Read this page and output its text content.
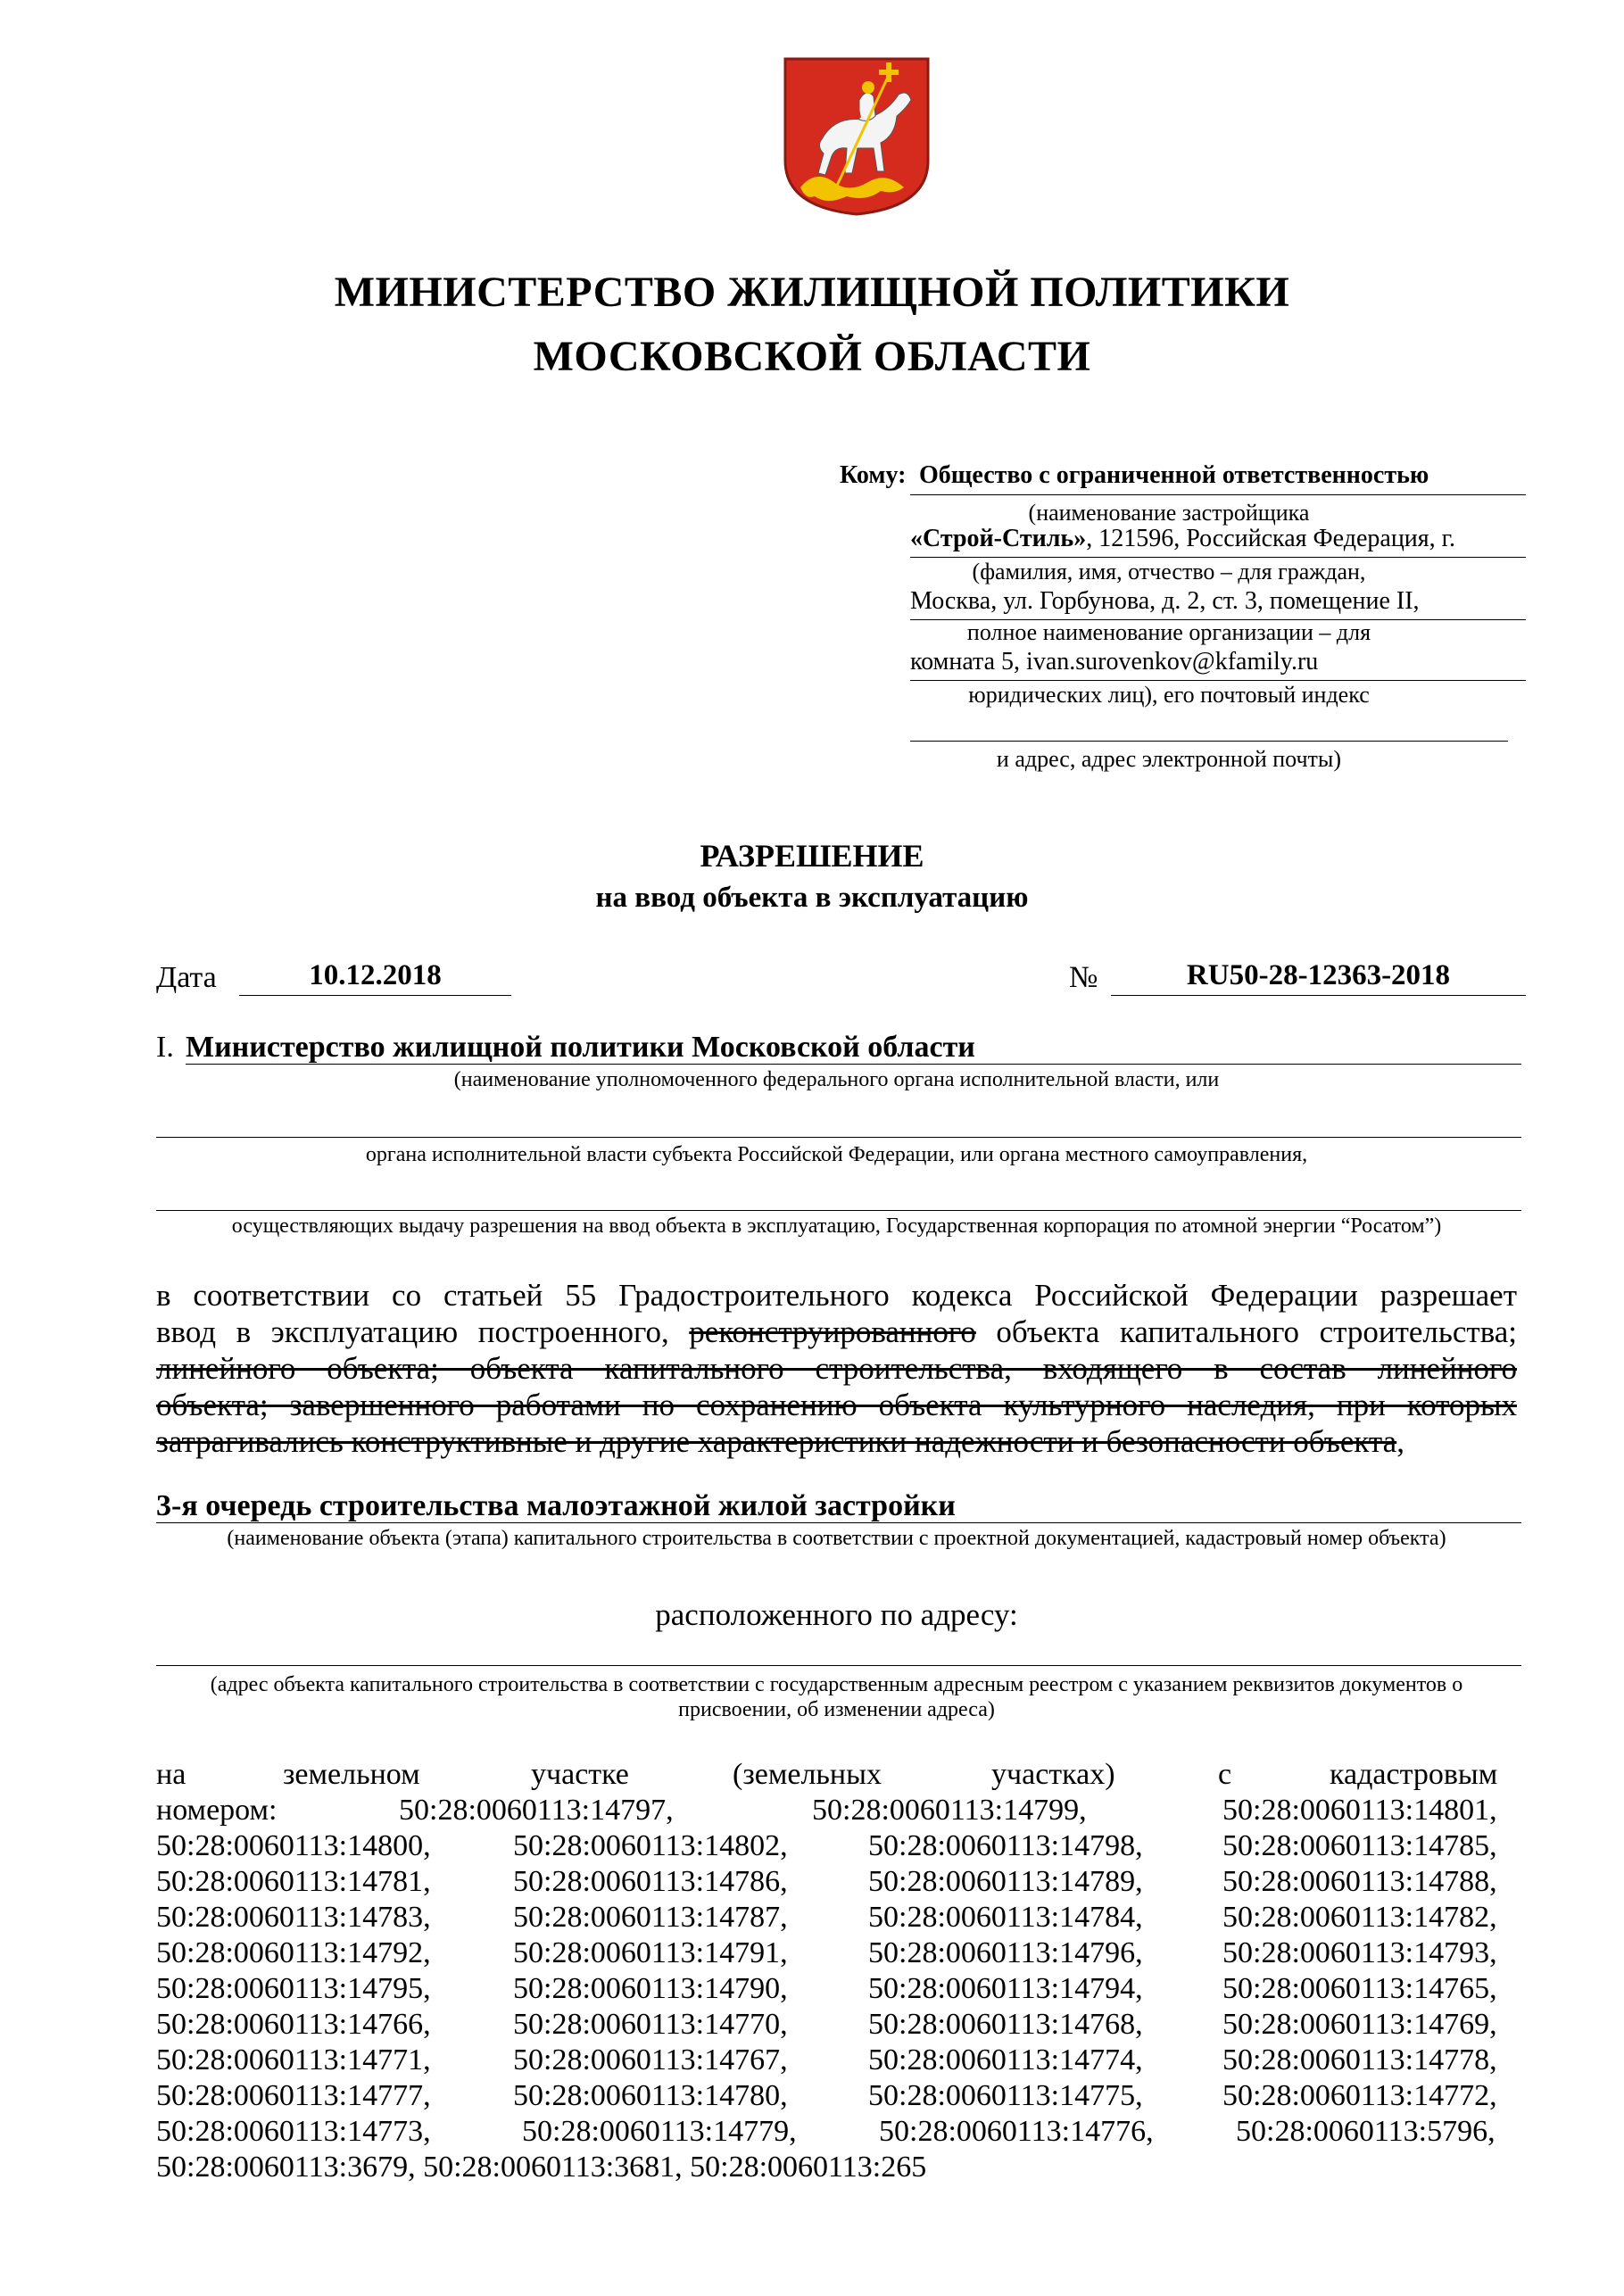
МИНИСТЕРСТВО ЖИЛИЩНОЙ ПОЛИТИКИ
МОСКОВСКОЙ ОБЛАСТИ
Кому: Общество с ограниченной ответственностью
(наименование застройщика
«Строй-Стиль», 121596, Российская Федерация, г.
(фамилия, имя, отчество – для граждан,
Москва, ул. Горбунова, д. 2, ст. 3, помещение II,
полное наименование организации – для
комната 5, ivan.surovenkov@kfamily.ru
юридических лиц), его почтовый индекс
и адрес, адрес электронной почты)
РАЗРЕШЕНИЕ
на ввод объекта в эксплуатацию
Дата	10.12.2018	№	RU50-28-12363-2018
I. Министерство жилищной политики Московской области
(наименование уполномоченного федерального органа исполнительной власти, или
органа исполнительной власти субъекта Российской Федерации, или органа местного самоуправления,
осуществляющих выдачу разрешения на ввод объекта в эксплуатацию, Государственная корпорация по атомной энергии “Росатом”)
в соответствии со статьей 55 Градостроительного кодекса Российской Федерации разрешает
ввод в эксплуатацию построенного, реконструированного объекта капитального строительства;
линейного объекта; объекта капитального строительства, входящего в состав линейного
объекта; завершенного работами по сохранению объекта культурного наследия, при которых
затрагивались конструктивные и другие характеристики надежности и безопасности объекта,
3-я очередь строительства малоэтажной жилой застройки
(наименование объекта (этапа) капитального строительства в соответствии с проектной документацией, кадастровый номер объекта)
расположенного по адресу:
(адрес объекта капитального строительства в соответствии с государственным адресным реестром с указанием реквизитов документов о
присвоении, об изменении адреса)
на	земельном	участке	(земельных	участках)	с	кадастровым
номером:	50:28:0060113:14797,	50:28:0060113:14799,	50:28:0060113:14801,
50:28:0060113:14800,	50:28:0060113:14802,	50:28:0060113:14798,	50:28:0060113:14785,
50:28:0060113:14781,	50:28:0060113:14786,	50:28:0060113:14789,	50:28:0060113:14788,
50:28:0060113:14783,	50:28:0060113:14787,	50:28:0060113:14784,	50:28:0060113:14782,
50:28:0060113:14792,	50:28:0060113:14791,	50:28:0060113:14796,	50:28:0060113:14793,
50:28:0060113:14795,	50:28:0060113:14790,	50:28:0060113:14794,	50:28:0060113:14765,
50:28:0060113:14766,	50:28:0060113:14770,	50:28:0060113:14768,	50:28:0060113:14769,
50:28:0060113:14771,	50:28:0060113:14767,	50:28:0060113:14774,	50:28:0060113:14778,
50:28:0060113:14777,	50:28:0060113:14780,	50:28:0060113:14775,	50:28:0060113:14772,
50:28:0060113:14773,	50:28:0060113:14779,	50:28:0060113:14776,	50:28:0060113:5796,
50:28:0060113:3679, 50:28:0060113:3681, 50:28:0060113:265
